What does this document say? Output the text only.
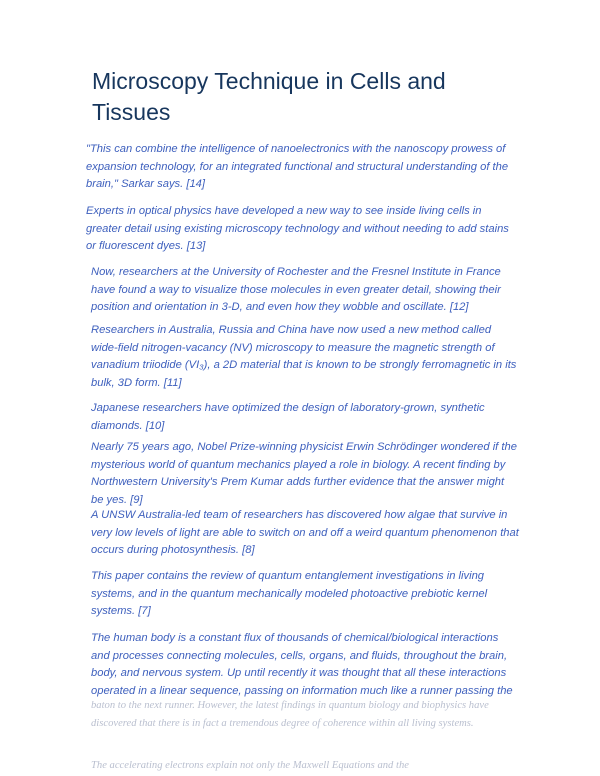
Microscopy Technique in Cells and Tissues

"This can combine the intelligence of nanoelectronics with the nanoscopy prowess of expansion technology, for an integrated functional and structural understanding of the brain," Sarkar says. [14]

Experts in optical physics have developed a new way to see inside living cells in greater detail using existing microscopy technology and without needing to add stains or fluorescent dyes. [13]

Now, researchers at the University of Rochester and the Fresnel Institute in France have found a way to visualize those molecules in even greater detail, showing their position and orientation in 3-D, and even how they wobble and oscillate. [12]

Researchers in Australia, Russia and China have now used a new method called wide-field nitrogen-vacancy (NV) microscopy to measure the magnetic strength of vanadium triiodide (VI₃), a 2D material that is known to be strongly ferromagnetic in its bulk, 3D form. [11]

Japanese researchers have optimized the design of laboratory-grown, synthetic diamonds. [10]

Nearly 75 years ago, Nobel Prize-winning physicist Erwin Schrödinger wondered if the mysterious world of quantum mechanics played a role in biology. A recent finding by Northwestern University's Prem Kumar adds further evidence that the answer might be yes. [9]

A UNSW Australia-led team of researchers has discovered how algae that survive in very low levels of light are able to switch on and off a weird quantum phenomenon that occurs during photosynthesis. [8]

This paper contains the review of quantum entanglement investigations in living systems, and in the quantum mechanically modeled photoactive prebiotic kernel systems. [7]

The human body is a constant flux of thousands of chemical/biological interactions and processes connecting molecules, cells, organs, and fluids, throughout the brain, body, and nervous system. Up until recently it was thought that all these interactions operated in a linear sequence, passing on information much like a runner passing the

baton to the next runner. However, the latest findings in quantum biology and biophysics have discovered that there is in fact a tremendous degree of coherence within all living systems.

The accelerating electrons explain not only the Maxwell Equations and the
